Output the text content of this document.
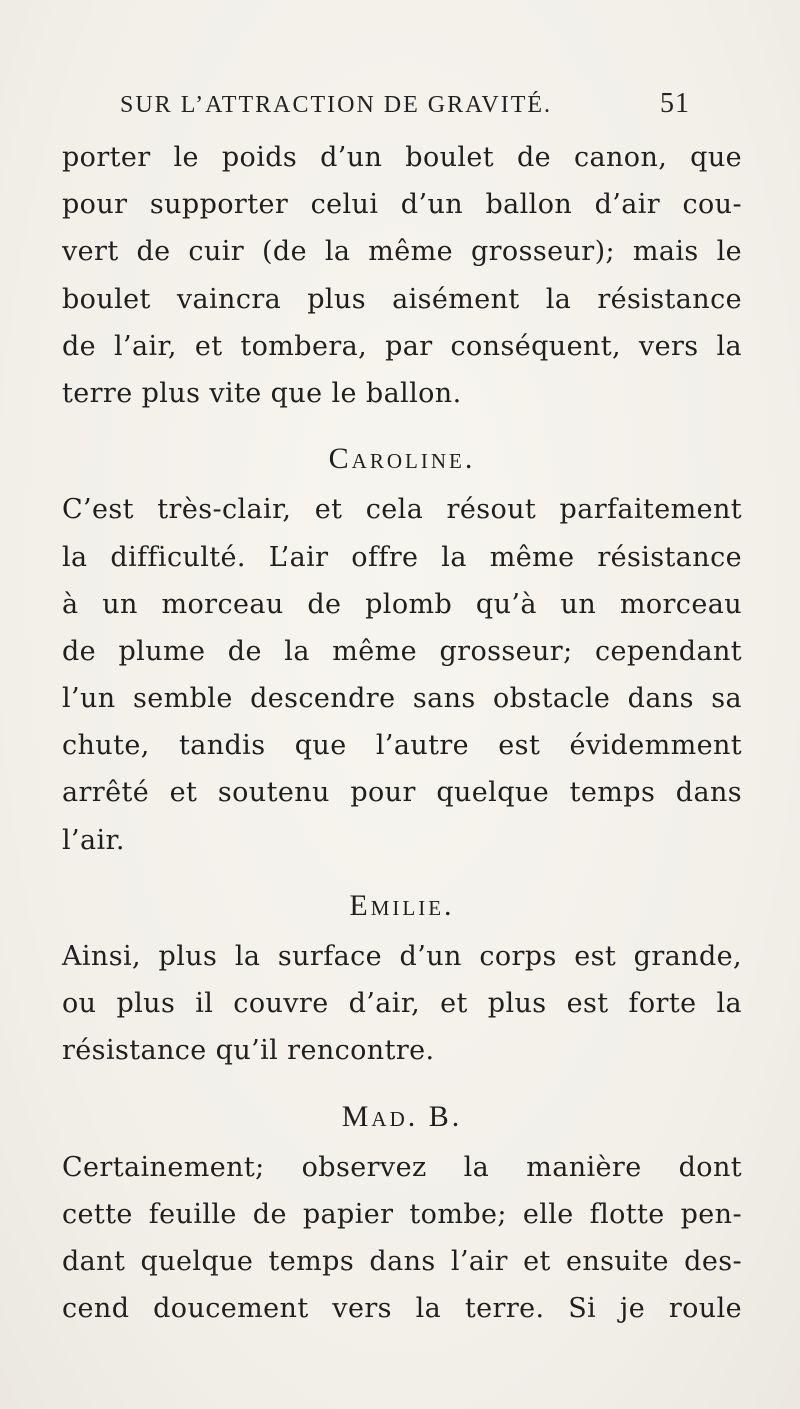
SUR L’ATTRACTION DE GRAVITÉ.	51
porter le poids d’un boulet de canon, que
pour supporter celui d’un ballon d’air cou-
vert de cuir (de la même grosseur); mais le
boulet vaincra plus aisément la résistance
de l’air, et tombera, par conséquent, vers la
terre plus vite que le ballon.
Caroline.
C’est très-clair, et cela résout parfaitement
la difficulté. L’air offre la même résistance
à un morceau de plomb qu’à un morceau
de plume de la même grosseur; cependant
l’un semble descendre sans obstacle dans sa
chute, tandis que l’autre est évidemment
arrêté et soutenu pour quelque temps dans
l’air.
Emilie.
Ainsi, plus la surface d’un corps est grande,
ou plus il couvre d’air, et plus est forte la
résistance qu’il rencontre.
Mad. B.
Certainement; observez la manière dont
cette feuille de papier tombe; elle flotte pen-
dant quelque temps dans l’air et ensuite des-
cend doucement vers la terre. Si je roule
